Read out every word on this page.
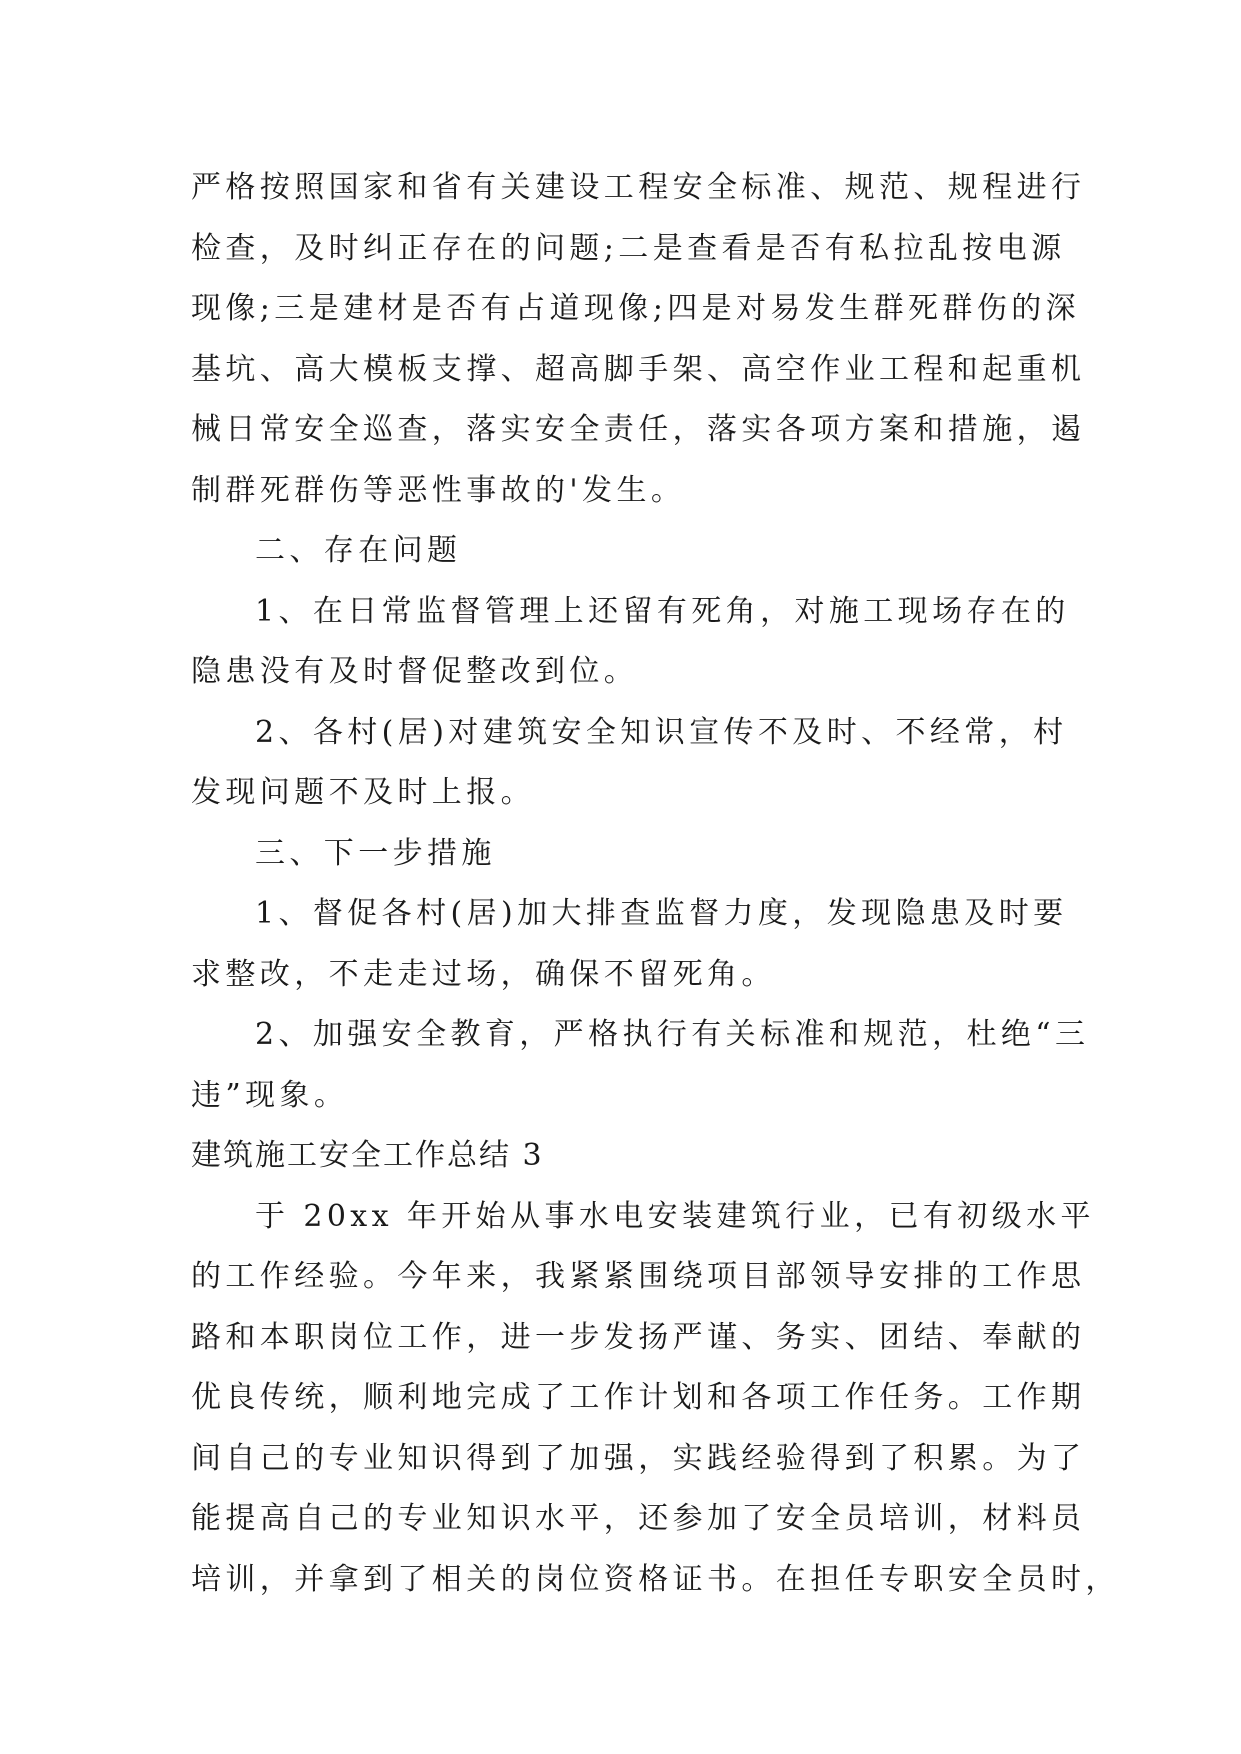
严格按照国家和省有关建设工程安全标准、规范、规程进行
检查，及时纠正存在的问题;二是查看是否有私拉乱按电源
现像;三是建材是否有占道现像;四是对易发生群死群伤的深
基坑、高大模板支撑、超高脚手架、高空作业工程和起重机
械日常安全巡查，落实安全责任，落实各项方案和措施，遏
制群死群伤等恶性事故的'发生。
二、存在问题
1、在日常监督管理上还留有死角，对施工现场存在的
隐患没有及时督促整改到位。
2、各村(居)对建筑安全知识宣传不及时、不经常，村
发现问题不及时上报。
三、下一步措施
1、督促各村(居)加大排查监督力度，发现隐患及时要
求整改，不走走过场，确保不留死角。
2、加强安全教育，严格执行有关标准和规范，杜绝“三
违”现象。
建筑施工安全工作总结 3
于 20xx 年开始从事水电安装建筑行业，已有初级水平
的工作经验。今年来，我紧紧围绕项目部领导安排的工作思
路和本职岗位工作，进一步发扬严谨、务实、团结、奉献的
优良传统，顺利地完成了工作计划和各项工作任务。工作期
间自己的专业知识得到了加强，实践经验得到了积累。为了
能提高自己的专业知识水平，还参加了安全员培训，材料员
培训，并拿到了相关的岗位资格证书。在担任专职安全员时，
